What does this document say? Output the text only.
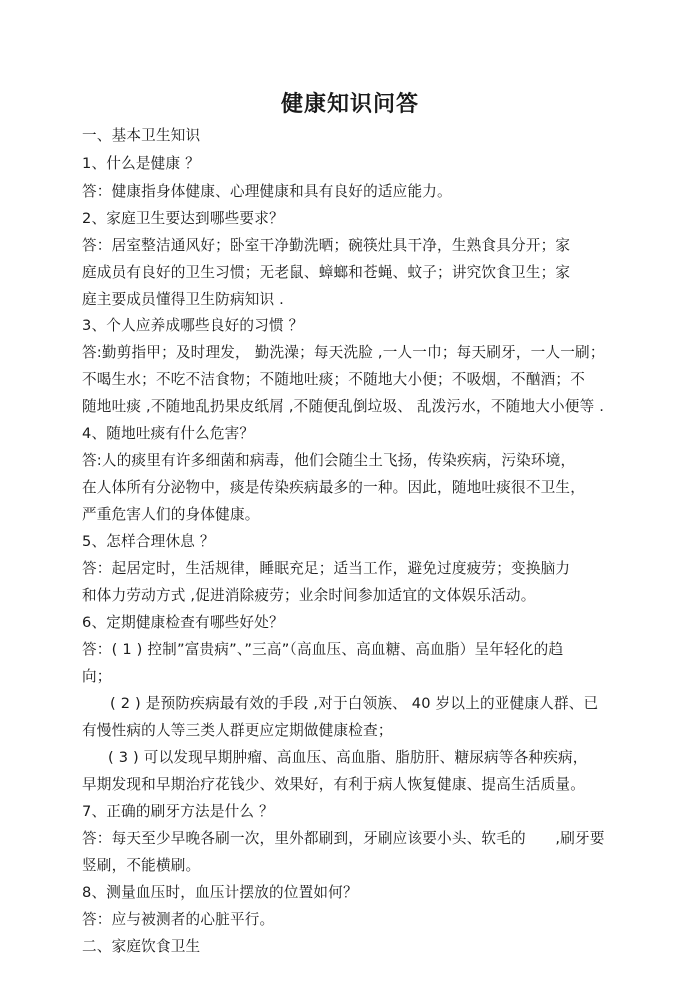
健康知识问答
一、基本卫生知识
1、什么是健康 ？
答：健康指身体健康、心理健康和具有良好的适应能力。
2、家庭卫生要达到哪些要求？
答：居室整洁通风好；卧室干净勤洗晒；碗筷灶具干净，生熟食具分开；家
庭成员有良好的卫生习惯；无老鼠、蟑螂和苍蝇、蚊子；讲究饮食卫生；家
庭主要成员懂得卫生防病知识 .
3、个人应养成哪些良好的习惯 ？
答:勤剪指甲；及时理发， 勤洗澡；每天洗脸 ,一人一巾；每天刷牙，一人一刷；
不喝生水；不吃不洁食物；不随地吐痰；不随地大小便；不吸烟，不酗酒；不
随地吐痰 ,不随地乱扔果皮纸屑 ,不随便乱倒垃圾、 乱泼污水，不随地大小便等 .
4、随地吐痰有什么危害？
答:人的痰里有许多细菌和病毒，他们会随尘土飞扬，传染疾病，污染环境，
在人体所有分泌物中，痰是传染疾病最多的一种。因此，随地吐痰很不卫生，
严重危害人们的身体健康。
5、怎样合理休息 ？
答：起居定时，生活规律，睡眠充足；适当工作，避免过度疲劳；变换脑力
和体力劳动方式 ,促进消除疲劳；业余时间参加适宜的文体娱乐活动。
6、定期健康检查有哪些好处？
答：( 1 ) 控制”富贵病”、”三高”（高血压、高血糖、高血脂）呈年轻化的趋
向；
( 2 ) 是预防疾病最有效的手段 ,对于白领族、 40 岁以上的亚健康人群、已
有慢性病的人等三类人群更应定期做健康检查；
( 3 ) 可以发现早期肿瘤、高血压、高血脂、脂肪肝、糖尿病等各种疾病，
早期发现和早期治疗花钱少、效果好，有利于病人恢复健康、提高生活质量。
7、正确的刷牙方法是什么 ？
答：每天至少早晚各刷一次，里外都刷到，牙刷应该要小头、软毛的　　,刷牙要
竖刷，不能横刷。
8、测量血压时，血压计摆放的位置如何？
答：应与被测者的心脏平行。
二、家庭饮食卫生
